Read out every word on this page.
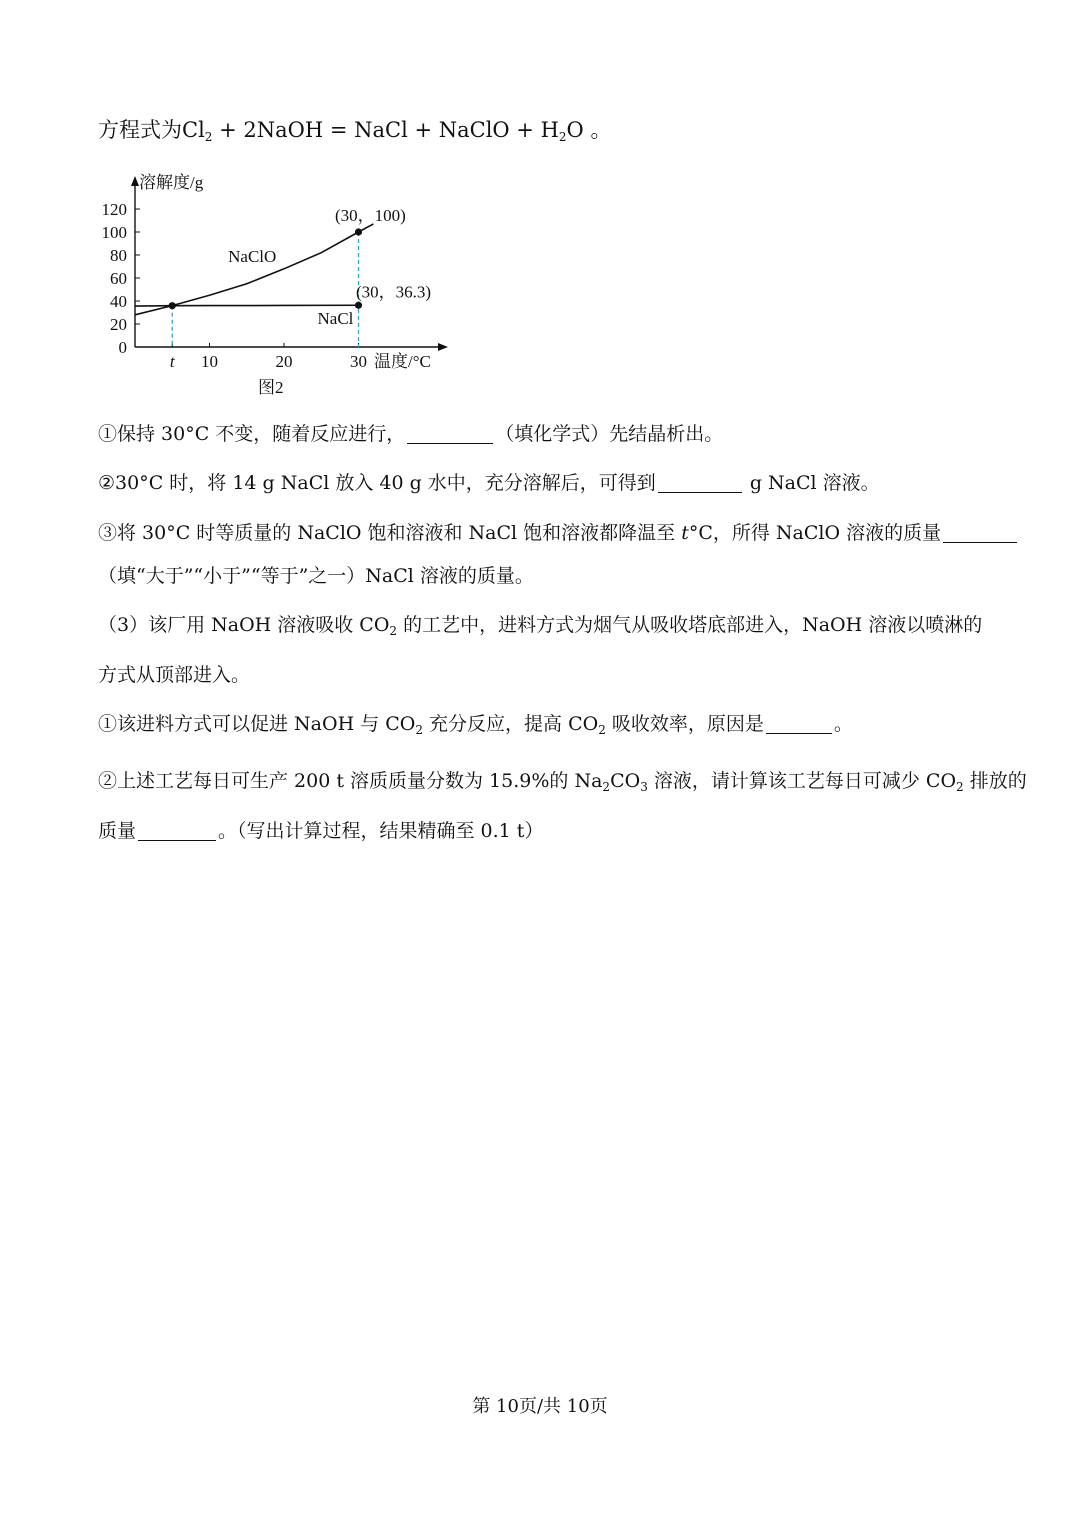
方程式为$Cl_2$ + 2NaOH = NaCl + NaClO + $H_2O$ 。
溶解度/g
温度/°C
图2
0
20
40
60
80
100
120
t 10	20	30
NaClO
NaCl
(30，100)
(30，36.3)
①保持 30°C 不变，随着反应进行，	（填化学式）先结晶析出。
②30°C 时，将 14 g NaCl 放入 40 g 水中，充分溶解后，可得到	g NaCl 溶液。
③将 30°C 时等质量的 NaClO 饱和溶液和 NaCl 饱和溶液都降温至 t°C，所得 NaClO 溶液的质量
（填“大于”“小于”“等于”之一）NaCl 溶液的质量。
（3）该厂用 NaOH 溶液吸收 $CO_2$ 的工艺中，进料方式为烟气从吸收塔底部进入，NaOH 溶液以喷淋的
方式从顶部进入。
①该进料方式可以促进 NaOH 与 $CO_2$ 充分反应，提高 $CO_2$ 吸收效率，原因是	。
②上述工艺每日可生产 200 t 溶质质量分数为 15.9%的 $Na_2CO_3$ 溶液，请计算该工艺每日可减少 $CO_2$ 排放的
质量	。（写出计算过程，结果精确至 0.1 t）
第 10页/共 10页
